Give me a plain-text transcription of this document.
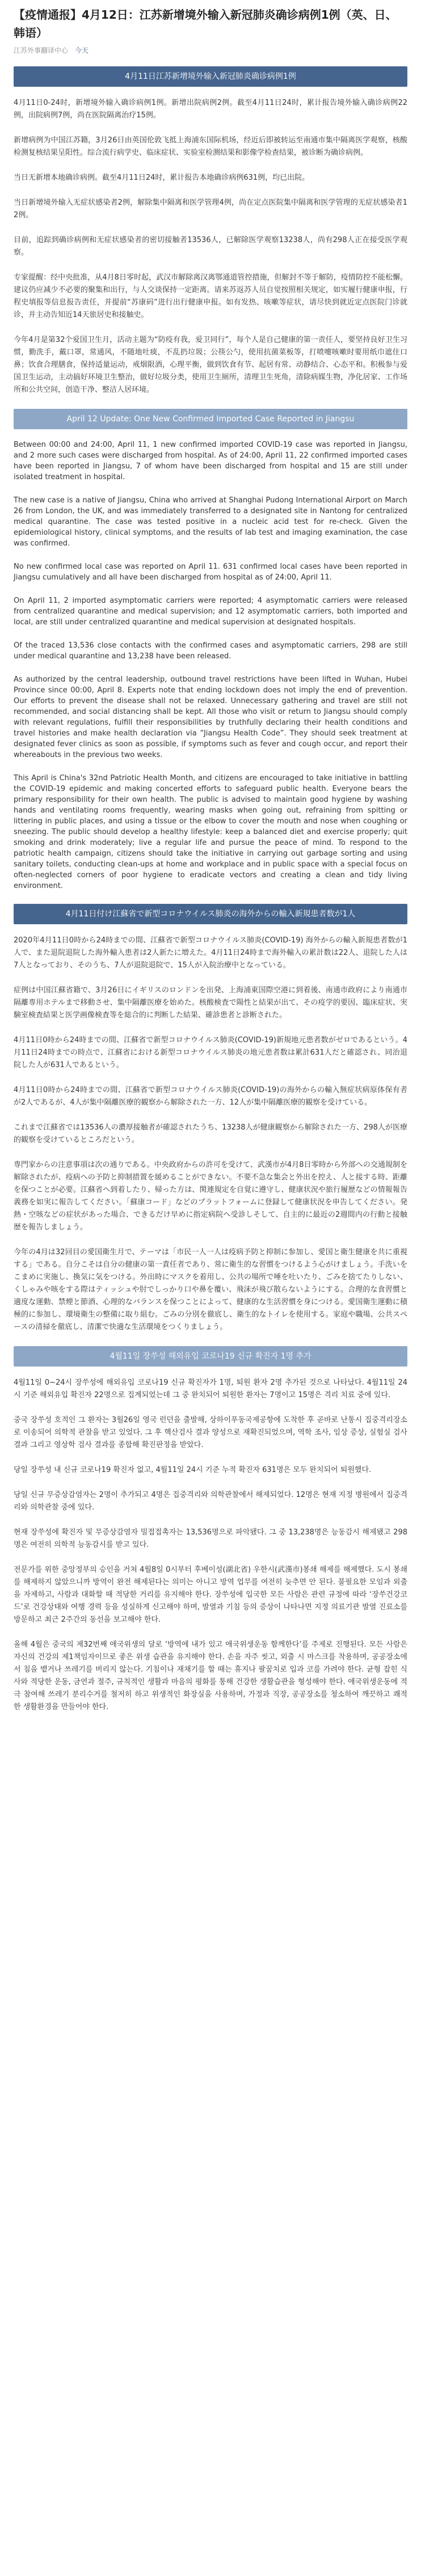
【疫情通报】4月12日：江苏新增境外输入新冠肺炎确诊病例1例（英、日、韩语）
江苏外事翻译中心 今天
4月11日江苏新增境外输入新冠肺炎确诊病例1例

4月11日0-24时，新增境外输入确诊病例1例。新增出院病例2例。截至4月11日24时，累计报告境外输入确诊病例22例，出院病例7例，尚在医院隔离治疗15例。

新增病例为中国江苏籍，3月26日由英国伦敦飞抵上海浦东国际机场，经近后即被转运至南通市集中隔离医学观察，核酸检测复核结果呈阳性。综合流行病学史、临床症状、实验室检测结果和影像学检查结果，被诊断为确诊病例。

当日无新增本地确诊病例。截至4月11日24时，累计报告本地确诊病例631例，均已出院。

当日新增境外输入无症状感染者2例，解除集中隔离和医学管理4例，尚在定点医院集中隔离和医学管理的无症状感染者12例。

目前，追踪到确诊病例和无症状感染者的密切接触者13536人，已解除医学观察13238人，尚有298人正在接受医学观察。

专家提醒：经中央批准，从4月8日零时起，武汉市解除离汉离鄂通道管控措施，但解封不等于解防，疫情防控不能松懈。建议仍应减少不必要的聚集和出行，与人交谈保持一定距离。请来苏返苏人员自觉按照相关规定，如实履行健康申报，行程史填报等信息报告责任，并提前“苏康码”进行出行健康申报。如有发热、咳嗽等症状，请尽快到就近定点医院门诊就诊，并主动告知近14天旅居史和接触史。

今年4月是第32个爱国卫生月，活动主题为“防疫有我，爱卫同行”，每个人是自己健康的第一责任人，要坚持良好卫生习惯，勤洗手，戴口罩，常通风，不随地吐痰，不乱扔垃圾；公筷公勺，使用抗菌菜板等，打喷嚏咳嗽时要用纸巾遮住口鼻；饮食合理膳食，保持适量运动，戒烟限酒，心理平衡，做到饮食有节、起居有常、动静结合、心态平和。积极参与爱国卫生运动，主动搞好环境卫生整治，做好垃圾分类，使用卫生厕所，清理卫生死角，清除病媒生物，净化居家、工作场所和公共空间，创造干净、整洁人居环境。

April 12 Update: One New Confirmed Imported Case Reported in Jiangsu

Between 00:00 and 24:00, April 11, 1 new confirmed imported COVID-19 case was reported in Jiangsu, and 2 more such cases were discharged from hospital. As of 24:00, April 11, 22 confirmed imported cases have been reported in Jiangsu, 7 of whom have been discharged from hospital and 15 are still under isolated treatment in hospital.

The new case is a native of Jiangsu, China who arrived at Shanghai Pudong International Airport on March 26 from London, the UK, and was immediately transferred to a designated site in Nantong for centralized medical quarantine. The case was tested positive in a nucleic acid test for re-check. Given the epidemiological history, clinical symptoms, and the results of lab test and imaging examination, the case was confirmed.

No new confirmed local case was reported on April 11. 631 confirmed local cases have been reported in Jiangsu cumulatively and all have been discharged from hospital as of 24:00, April 11.

On April 11, 2 imported asymptomatic carriers were reported; 4 asymptomatic carriers were released from centralized quarantine and medical supervision; and 12 asymptomatic carriers, both imported and local, are still under centralized quarantine and medical supervision at designated hospitals.

Of the traced 13,536 close contacts with the confirmed cases and asymptomatic carriers, 298 are still under medical quarantine and 13,238 have been released.

As authorized by the central leadership, outbound travel restrictions have been lifted in Wuhan, Hubei Province since 00:00, April 8. Experts note that ending lockdown does not imply the end of prevention. Our efforts to prevent the disease shall not be relaxed. Unnecessary gathering and travel are still not recommended, and social distancing shall be kept. All those who visit or return to Jiangsu should comply with relevant regulations, fulfill their responsibilities by truthfully declaring their health conditions and travel histories and make health declaration via “Jiangsu Health Code”. They should seek treatment at designated fever clinics as soon as possible, if symptoms such as fever and cough occur, and report their whereabouts in the previous two weeks.

This April is China's 32nd Patriotic Health Month, and citizens are encouraged to take initiative in battling the COVID-19 epidemic and making concerted efforts to safeguard public health. Everyone bears the primary responsibility for their own health. The public is advised to maintain good hygiene by washing hands and ventilating rooms frequently, wearing masks when going out, refraining from spitting or littering in public places, and using a tissue or the elbow to cover the mouth and nose when coughing or sneezing. The public should develop a healthy lifestyle: keep a balanced diet and exercise properly; quit smoking and drink moderately; live a regular life and pursue the peace of mind. To respond to the patriotic health campaign, citizens should take the initiative in carrying out garbage sorting and using sanitary toilets, conducting clean-ups at home and workplace and in public space with a special focus on often-neglected corners of poor hygiene to eradicate vectors and creating a clean and tidy living environment.

4月11日付け江蘇省で新型コロナウイルス肺炎の海外からの輸入新規患者数が1人

2020年4月11日0時から24時までの間、江蘇省で新型コロナウイルス肺炎(COVID-19) 海外からの輸入新規患者数が1人で、また退院退院した海外輸入患者は2人新たに増えた。4月11日24時まで海外輸入の累計数は22人、退院した人は7人となっており、そのうち、7人が退院退院で、15人が入院治療中となっている。

症例は中国江蘇省籍で、3月26日にイギリスのロンドンを出発、上海浦東国際空港に到着後、南通市政府により南通市隔離専用ホテルまで移動させ、集中隔離医療を始めた。核酸検査で陽性と結果が出て、その疫学的要因、臨床症状、実験室検査結果と医学画像検査等を総合的に判断した結果、確診患者と診断された。

4月11日0時から24時までの間、江蘇省で新型コロナウイルス肺炎(COVID-19)新規地元患者数がゼロであるという。4月11日24時までの時点で、江蘇省における新型コロナウイルス肺炎の地元患者数は累計631人だと確認され、同治退院した人が631人であるという。

4月11日0時から24時までの間、江蘇省で新型コロナウイルス肺炎(COVID-19)の海外からの輸入無症状病原体保有者が2人であるが、4人が集中隔離医療的観察から解除された一方、12人が集中隔離医療的観察を受けている。

これまで江蘇省では13536人の濃厚接触者が確認されたうち、13238人が健康観察から解除された一方、298人が医療的観察を受けているところだという。

専門家からの注意事項は次の通りである。中央政府からの許可を受けて、武漢市が4月8日零時から外部への交通規制を解除されたが、疫病への予防と抑制措置を緩めることができない。不要不急な集会と外出を控え、人と接する時、距離を保つことが必要。江蘇省へ到着したり、帰った方は、関連規定を自覚に遵守し、健康状況や旅行履歴などの情報報告義務を如実に報告してください。「蘇康コード」などのプラットフォームに登録して健康状況を申告してください。発熱・空咳などの症状があった場合、できるだけ早めに指定病院へ受診しそして、自主的に最近の2週間内の行動と接触歴を報告しましょう。

今年の4月は32回目の愛国衛生月で、テーマは「市民一人一人は疫病予防と抑制に参加し、愛国と衛生健康を共に重視する」である。自分こそは自分の健康の第一責任者であり、常に衛生的な習慣をつけるよう心がけましょう。手洗いをこまめに実施し、換気に気をつける。外出時にマスクを着用し、公共の場所で唾を吐いたり、ごみを捨てたりしない、くしゃみや咳をする際はティッシュや肘でしっかり口や鼻を覆い、飛沫が飛び散らないようにする。合理的な食習慣と適度な運動、禁煙と節酒、心理的なバランスを保つことによって、健康的な生活習慣を身につける。愛国衛生運動に積極的に参加し、環境衛生の整備に取り組む。ごみの分別を徹底し、衛生的なトイレを使用する。家庭や職場、公共スペースの清掃を徹底し、清潔で快適な生活環境をつくりましょう。

4월11일 장쑤성 해외유입 코로나19 신규 확진자 1명 추가

4월11일 0~24시 장쑤성에 해외유입 코로나19 신규 확진자가 1명, 퇴원 환자 2명 추가된 것으로 나타났다. 4월11일 24시 기준 해외유입 확진자 22명으로 집계되었는데 그 중 완치되어 퇴원한 환자는 7명이고 15명은 격리 치료 중에 있다.

중국 장쑤성 호적인 그 환자는 3월26일 영국 런던을 출발해, 상하이푸동국제공항에 도착한 후 곧바로 난통시 집중격리장소로 이송되어 의학적 관찰을 받고 있었다. 그 후 핵산검사 결과 양성으로 재확진되었으며, 역학 조사, 임상 증상, 실험실 검사 결과 그리고 영상학 검사 결과를 종합해 확진판정을 받았다.

당일 장쑤성 내 신규 코로나19 확진자 없고, 4월11일 24시 기준 누적 확진자 631명은 모두 완치되어 퇴원했다.

당일 신규 무증상감염자는 2명이 추가되고 4명은 집중격리와 의학관찰에서 해제되었다. 12명은 현재 지정 병원에서 집중격리와 의학관찰 중에 있다.

현재 장쑤성에 확진자 및 무증상감염자 밀접접촉자는 13,536명으로 파악됐다. 그 중 13,238명은 능동감시 해제됐고 298명은 여전히 의학적 능동감시를 받고 있다.

전문가를 위한 중앙정부의 승인을 거쳐 4월8일 0시부터 후베이성(湖北省) 우한시(武漢市)봉쇄 해제를 해제했다. 도시 봉쇄를 해제하지 않았으니까 방역이 완전 해제된다는 의미는 아니고 방역 업무를 여전히 늦추면 안 된다. 불필요한 모임과 외출을 자제하고, 사람과 대화할 때 적당한 거리를 유지해야 한다. 장쑤성에 입국한 모든 사람은 관련 규정에 따라 ‘장쑤건강코드’로 건강상태와 여행 경력 등을 성실하게 신고해야 하며, 발열과 기침 등의 증상이 나타나면 지정 의료기관 발열 진료소를 방문하고 최근 2주간의 동선을 보고해야 한다.

올해 4월은 중국의 제32번째 애국위생의 달로 ‘방역에 내가 있고 애국위생운동 함께한다’를 주제로 진행된다. 모든 사람은 자신의 건강의 제1책임자이므로 좋은 위생 습관을 유지해야 한다. 손을 자주 씻고, 외출 시 마스크를 착용하며, 공공장소에서 침을 뱉거나 쓰레기를 버리지 않는다. 기침이나 재채기를 할 때는 휴지나 팔꿈치로 입과 코를 가려야 한다. 균형 잡힌 식사와 적당한 운동, 금연과 절주, 규칙적인 생활과 마음의 평화를 통해 건강한 생활습관을 형성해야 한다. 애국위생운동에 적극 참여해 쓰레기 분리수거를 철저히 하고 위생적인 화장실을 사용하며, 가정과 직장, 공공장소를 청소하여 깨끗하고 쾌적한 생활환경을 만들어야 한다.
